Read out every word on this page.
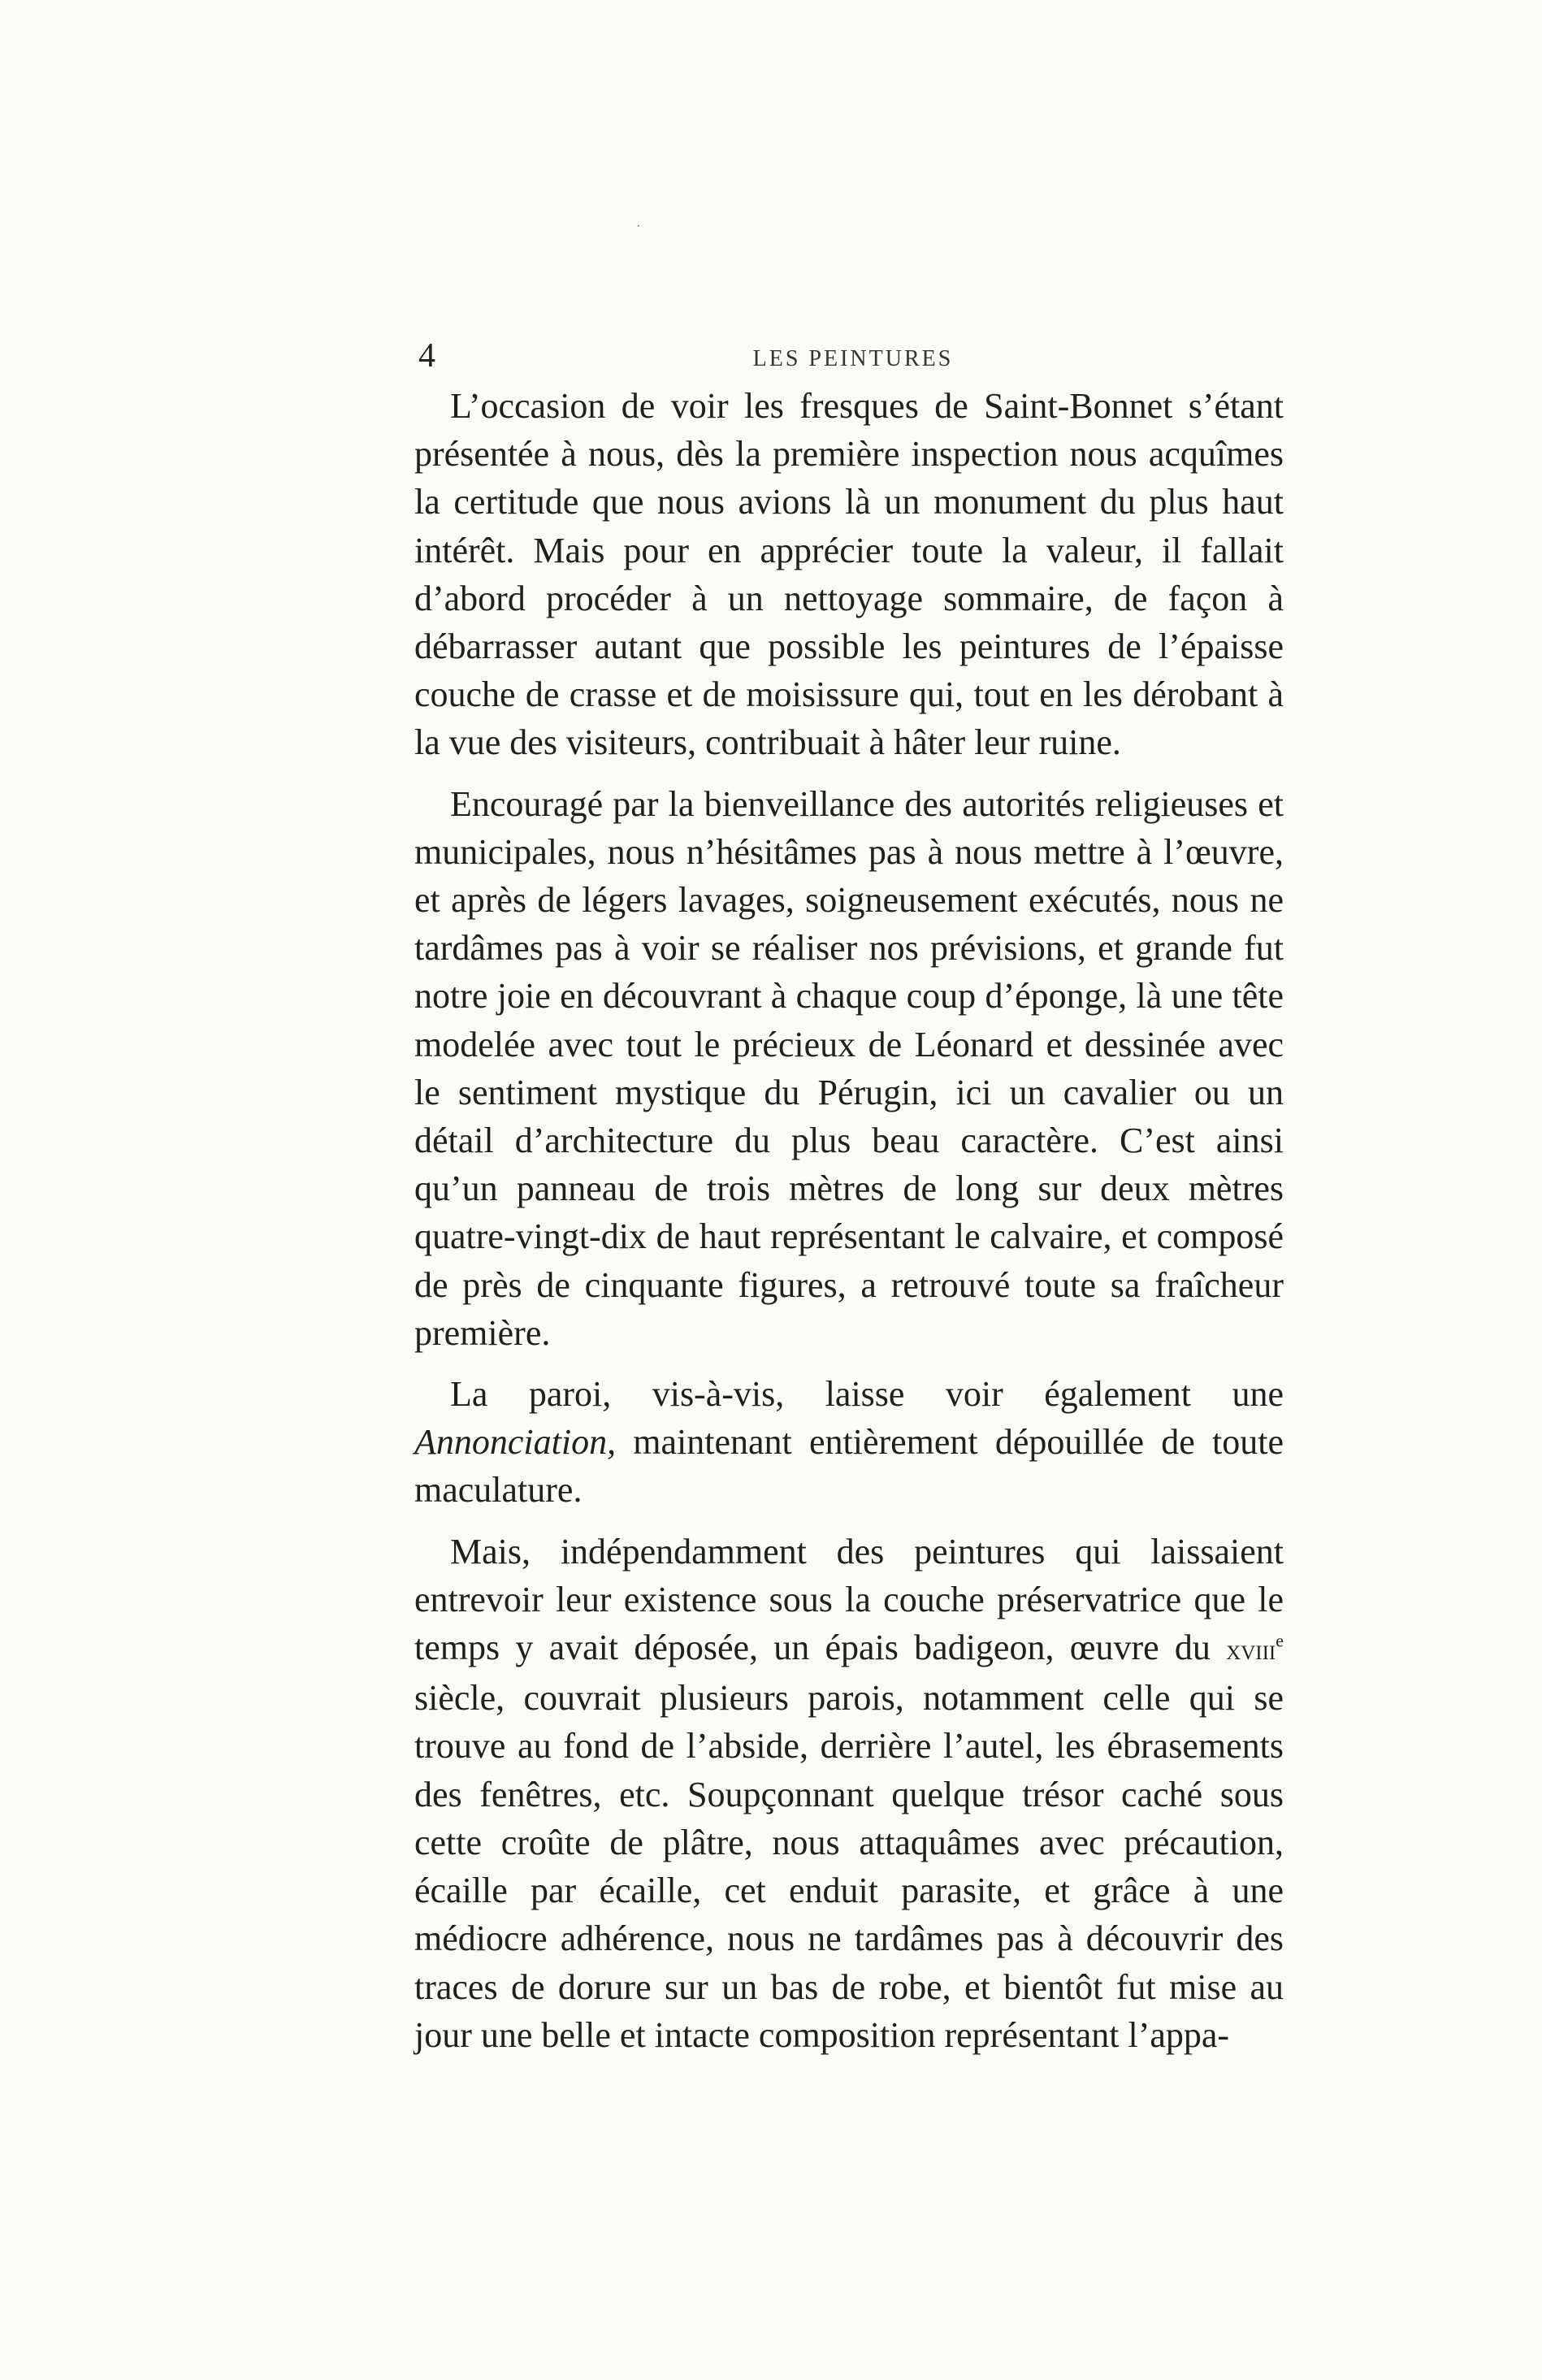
·
4	LES PEINTURES

L’occasion de voir les fresques de Saint-Bonnet s’étant présentée à nous, dès la première inspection nous acquîmes la certitude que nous avions là un monument du plus haut intérêt. Mais pour en apprécier toute la valeur, il fallait d’abord procéder à un nettoyage sommaire, de façon à débarrasser autant que possible les peintures de l’épaisse couche de crasse et de moisissure qui, tout en les dérobant à la vue des visiteurs, contribuait à hâter leur ruine.

Encouragé par la bienveillance des autorités religieuses et municipales, nous n’hésitâmes pas à nous mettre à l’œuvre, et après de légers lavages, soigneusement exécutés, nous ne tardâmes pas à voir se réaliser nos prévisions, et grande fut notre joie en découvrant à chaque coup d’éponge, là une tête modelée avec tout le précieux de Léonard et dessinée avec le sentiment mystique du Pérugin, ici un cavalier ou un détail d’architecture du plus beau caractère. C’est ainsi qu’un panneau de trois mètres de long sur deux mètres quatre-vingt-dix de haut représentant le calvaire, et composé de près de cinquante figures, a retrouvé toute sa fraîcheur première.

La paroi, vis-à-vis, laisse voir également une Annonciation, maintenant entièrement dépouillée de toute maculature.

Mais, indépendamment des peintures qui laissaient entrevoir leur existence sous la couche préservatrice que le temps y avait déposée, un épais badigeon, œuvre du xviii$^e$ siècle, couvrait plusieurs parois, notamment celle qui se trouve au fond de l’abside, derrière l’autel, les ébrasements des fenêtres, etc. Soupçonnant quelque trésor caché sous cette croûte de plâtre, nous attaquâmes avec précaution, écaille par écaille, cet enduit parasite, et grâce à une médiocre adhérence, nous ne tardâmes pas à découvrir des traces de dorure sur un bas de robe, et bientôt fut mise au jour une belle et intacte composition représentant l’appa-
